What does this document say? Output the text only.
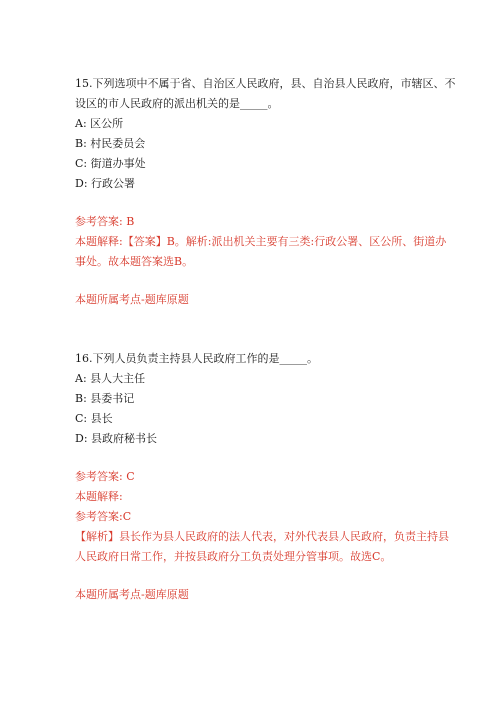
15.下列选项中不属于省、自治区人民政府，县、自治县人民政府，市辖区、不
设区的市人民政府的派出机关的是_____。
A: 区公所
B: 村民委员会
C: 街道办事处
D: 行政公署
参考答案: B
本题解释:【答案】B。解析:派出机关主要有三类:行政公署、区公所、街道办
事处。故本题答案选B。
本题所属考点-题库原题
16.下列人员负责主持县人民政府工作的是_____。
A: 县人大主任
B: 县委书记
C: 县长
D: 县政府秘书长
参考答案: C
本题解释:
参考答案:C
【解析】县长作为县人民政府的法人代表，对外代表县人民政府，负责主持县
人民政府日常工作，并按县政府分工负责处理分管事项。故选C。
本题所属考点-题库原题
